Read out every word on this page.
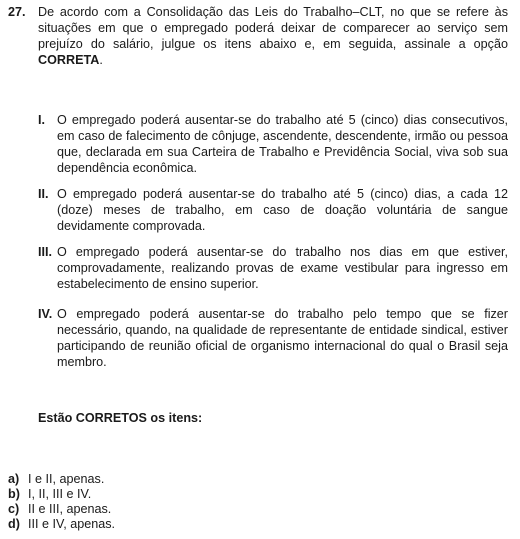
27. De acordo com a Consolidação das Leis do Trabalho–CLT, no que se refere às situações em que o empregado poderá deixar de comparecer ao serviço sem prejuízo do salário, julgue os itens abaixo e, em seguida, assinale a opção CORRETA.
I. O empregado poderá ausentar-se do trabalho até 5 (cinco) dias consecutivos, em caso de falecimento de cônjuge, ascendente, descendente, irmão ou pessoa que, declarada em sua Carteira de Trabalho e Previdência Social, viva sob sua dependência econômica.
II. O empregado poderá ausentar-se do trabalho até 5 (cinco) dias, a cada 12 (doze) meses de trabalho, em caso de doação voluntária de sangue devidamente comprovada.
III. O empregado poderá ausentar-se do trabalho nos dias em que estiver, comprovadamente, realizando provas de exame vestibular para ingresso em estabelecimento de ensino superior.
IV. O empregado poderá ausentar-se do trabalho pelo tempo que se fizer necessário, quando, na qualidade de representante de entidade sindical, estiver participando de reunião oficial de organismo internacional do qual o Brasil seja membro.
Estão CORRETOS os itens:
a) I e II, apenas.
b) I, II, III e IV.
c) II e III, apenas.
d) III e IV, apenas.
